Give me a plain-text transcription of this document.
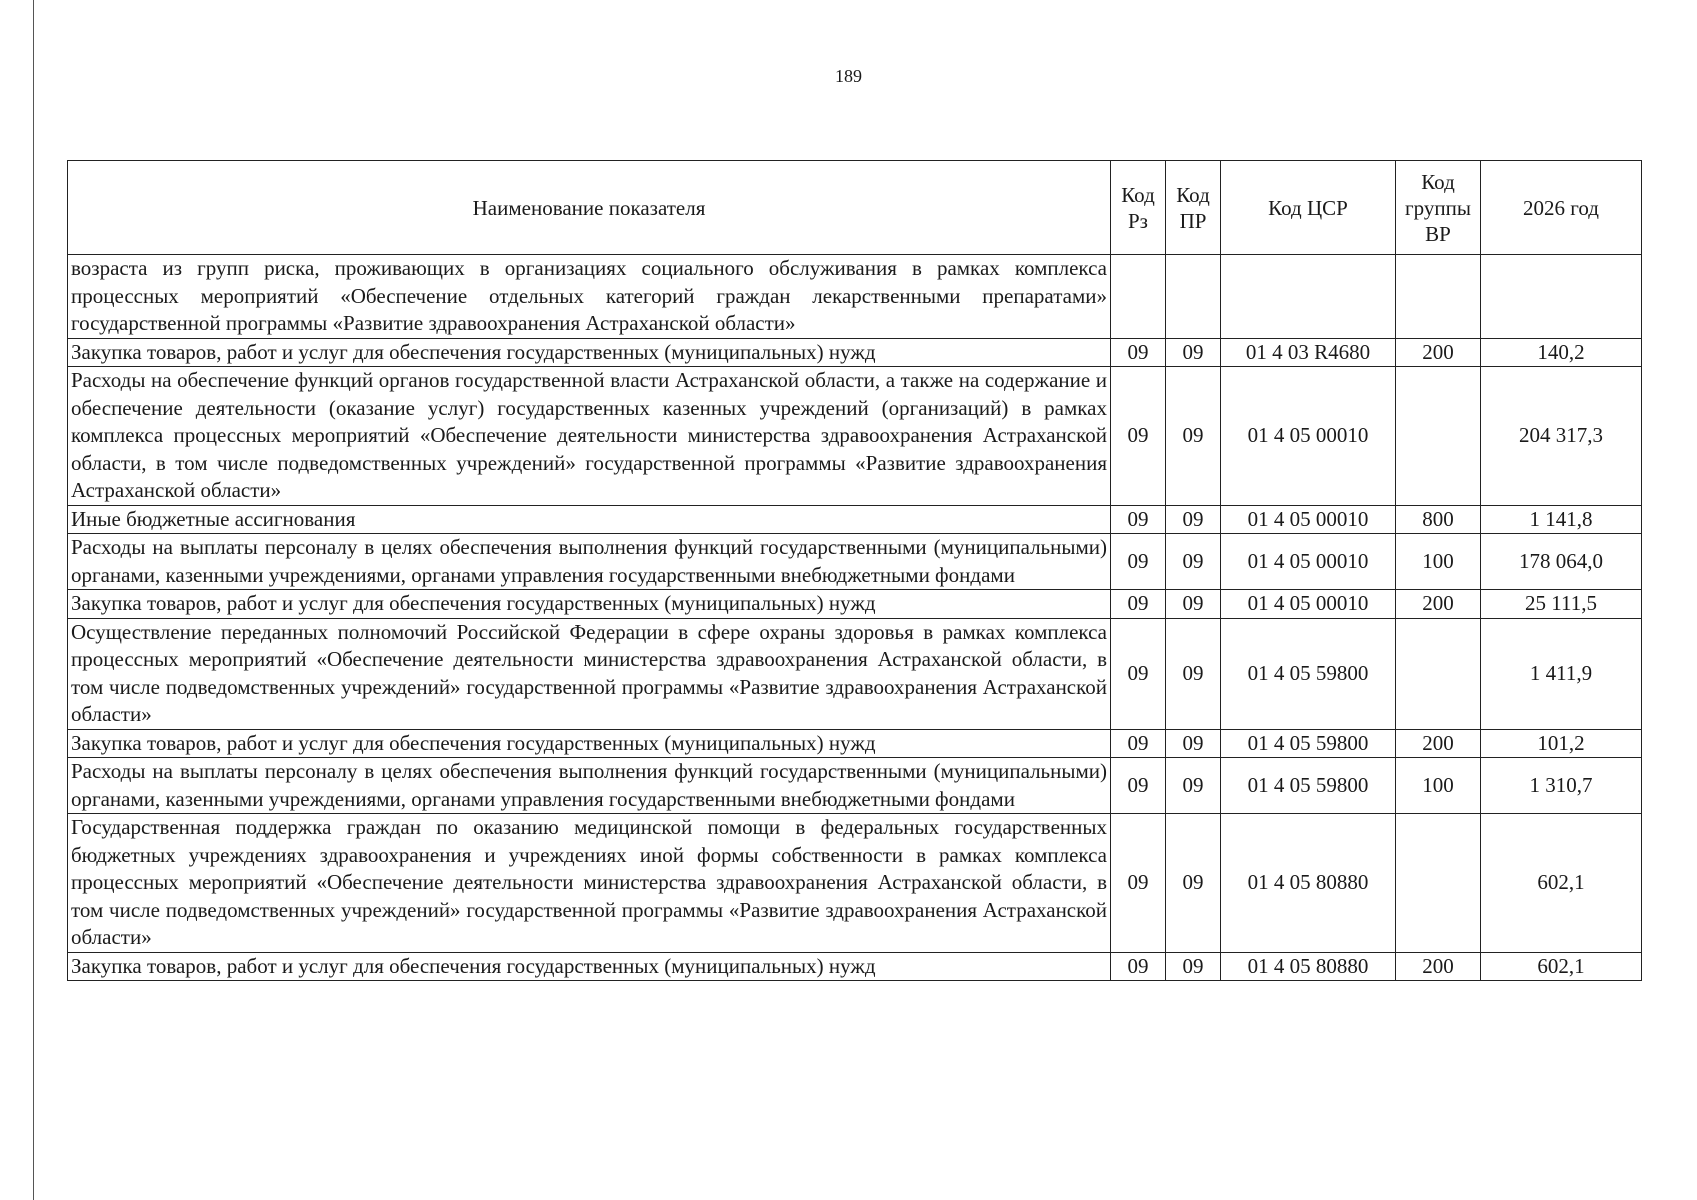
189
Наименование показателя	Код Рз	Код ПР	Код ЦСР	Код группы ВР	2026 год
возраста из групп риска, проживающих в организациях социального обслуживания в рамках комплекса процессных мероприятий «Обеспечение отдельных категорий граждан лекарственными препаратами» государственной программы «Развитие здравоохранения Астраханской области»					
Закупка товаров, работ и услуг для обеспечения государственных (муниципальных) нужд	09	09	01 4 03 R4680	200	140,2
Расходы на обеспечение функций органов государственной власти Астраханской области, а также на содержание и обеспечение деятельности (оказание услуг) государственных казенных учреждений (организаций) в рамках комплекса процессных мероприятий «Обеспечение деятельности министерства здравоохранения Астраханской области, в том числе подведомственных учреждений» государственной программы «Развитие здравоохранения Астраханской области»	09	09	01 4 05 00010		204 317,3
Иные бюджетные ассигнования	09	09	01 4 05 00010	800	1 141,8
Расходы на выплаты персоналу в целях обеспечения выполнения функций государственными (муниципальными) органами, казенными учреждениями, органами управления государственными внебюджетными фондами	09	09	01 4 05 00010	100	178 064,0
Закупка товаров, работ и услуг для обеспечения государственных (муниципальных) нужд	09	09	01 4 05 00010	200	25 111,5
Осуществление переданных полномочий Российской Федерации в сфере охраны здоровья в рамках комплекса процессных мероприятий «Обеспечение деятельности министерства здравоохранения Астраханской области, в том числе подведомственных учреждений» государственной программы «Развитие здравоохранения Астраханской области»	09	09	01 4 05 59800		1 411,9
Закупка товаров, работ и услуг для обеспечения государственных (муниципальных) нужд	09	09	01 4 05 59800	200	101,2
Расходы на выплаты персоналу в целях обеспечения выполнения функций государственными (муниципальными) органами, казенными учреждениями, органами управления государственными внебюджетными фондами	09	09	01 4 05 59800	100	1 310,7
Государственная поддержка граждан по оказанию медицинской помощи в федеральных государственных бюджетных учреждениях здравоохранения и учреждениях иной формы собственности в рамках комплекса процессных мероприятий «Обеспечение деятельности министерства здравоохранения Астраханской области, в том числе подведомственных учреждений» государственной программы «Развитие здравоохранения Астраханской области»	09	09	01 4 05 80880		602,1
Закупка товаров, работ и услуг для обеспечения государственных (муниципальных) нужд	09	09	01 4 05 80880	200	602,1
